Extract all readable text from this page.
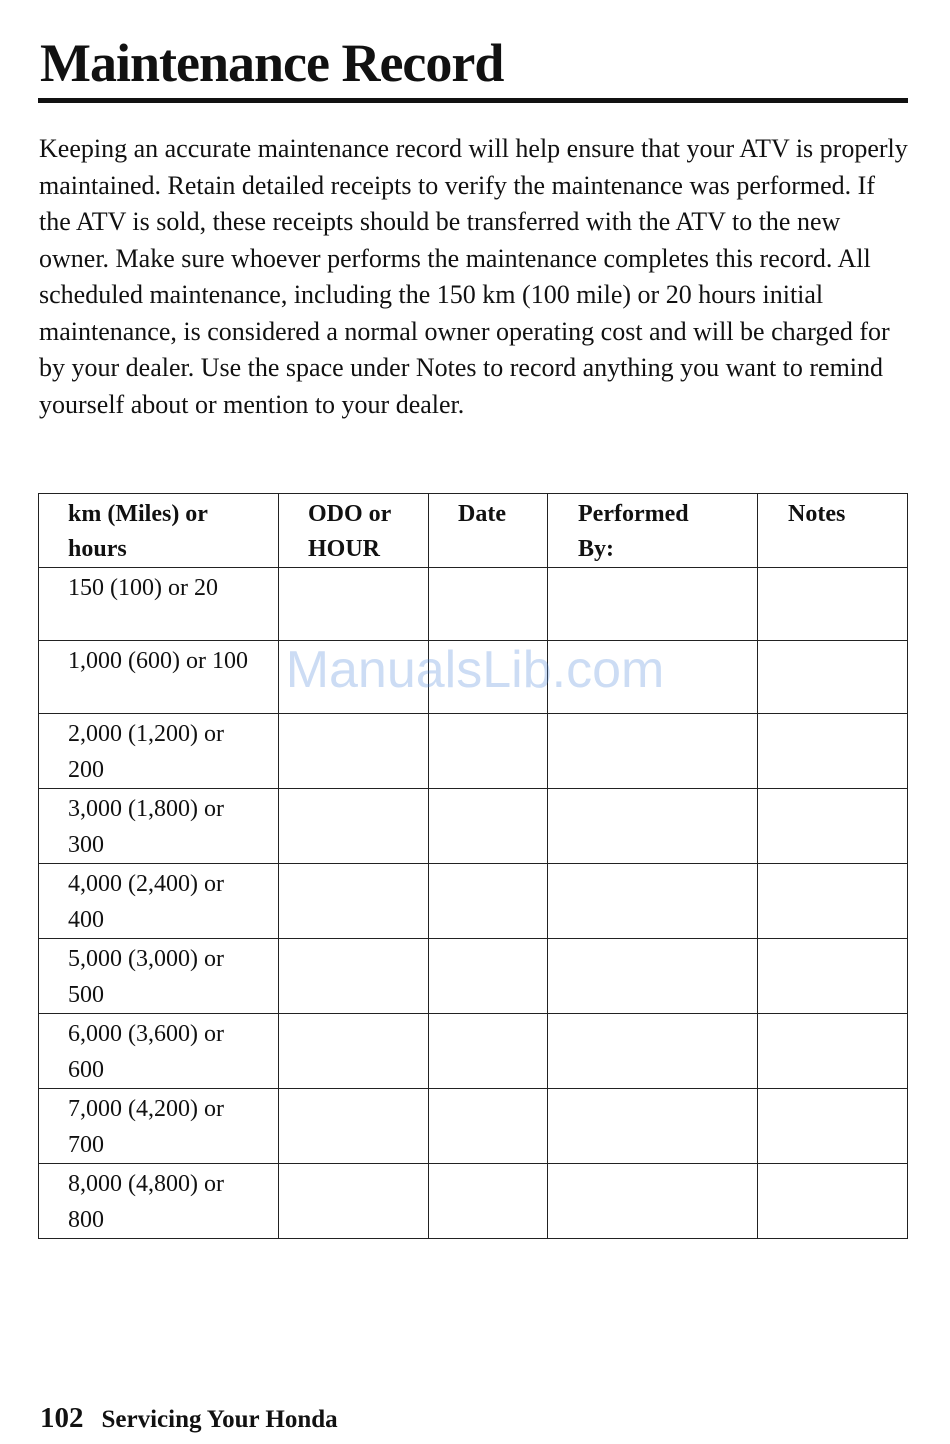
Maintenance Record

Keeping an accurate maintenance record will help ensure that your ATV is properly maintained. Retain detailed receipts to verify the maintenance was performed. If the ATV is sold, these receipts should be transferred with the ATV to the new owner. Make sure whoever performs the maintenance completes this record. All scheduled maintenance, including the 150 km (100 mile) or 20 hours initial maintenance, is considered a normal owner operating cost and will be charged for by your dealer. Use the space under Notes to record anything you want to remind yourself about or mention to your dealer.

km (Miles) or hours	ODO or HOUR	Date	Performed By:	Notes

150 (100) or 20				

1,000 (600) or 100				

2,000 (1,200) or 200				

3,000 (1,800) or 300				

4,000 (2,400) or 400				

5,000 (3,000) or 500				

6,000 (3,600) or 600				

7,000 (4,200) or 700				

8,000 (4,800) or 800				

ManualsLib.com
102 Servicing Your Honda
